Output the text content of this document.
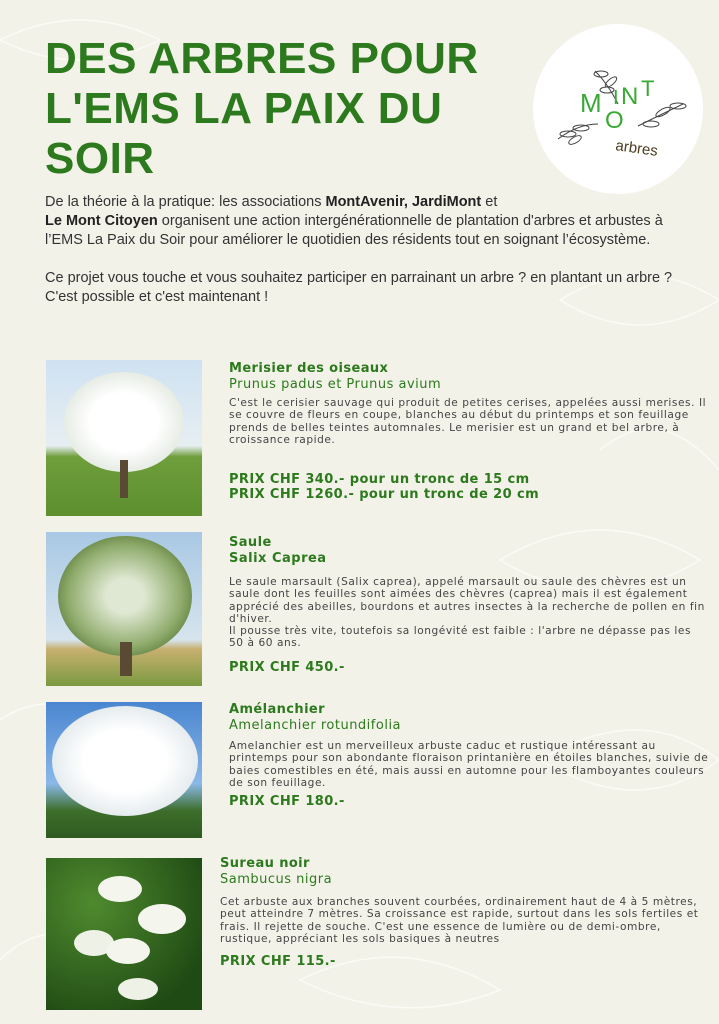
DES ARBRES POUR L'EMS LA PAIX DU SOIR
M
O
I N T
arbres

De la théorie à la pratique: les associations MontAvenir, JardiMont et
Le Mont Citoyen organisent une action intergénérationnelle de plantation d'arbres et arbustes à l’EMS La Paix du Soir pour améliorer le quotidien des résidents tout en soignant l’écosystème.

Ce projet vous touche et vous souhaitez participer en parrainant un arbre ? en plantant un arbre ?
C'est possible et c'est maintenant !

Merisier des oiseaux
Prunus padus et Prunus avium
C'est le cerisier sauvage qui produit de petites cerises, appelées aussi merises. Il se couvre de fleurs en coupe, blanches au début du printemps et son feuillage prends de belles teintes automnales. Le merisier est un grand et bel arbre, à croissance rapide.
PRIX CHF 340.- pour un tronc de 15 cm
PRIX CHF 1260.- pour un tronc de 20 cm
Saule
Salix Caprea
Le saule marsault (Salix caprea), appelé marsault ou saule des chèvres est un saule dont les feuilles sont aimées des chèvres (caprea) mais il est également apprécié des abeilles, bourdons et autres insectes à la recherche de pollen en fin d'hiver.
Il pousse très vite, toutefois sa longévité est faible : l'arbre ne dépasse pas les 50 à 60 ans.
PRIX CHF 450.-
Amélanchier
Amelanchier rotundifolia
Amelanchier est un merveilleux arbuste caduc et rustique intéressant au printemps pour son abondante floraison printanière en étoiles blanches, suivie de baies comestibles en été, mais aussi en automne pour les flamboyantes couleurs de son feuillage.
PRIX CHF 180.-
Sureau noir
Sambucus nigra
Cet arbuste aux branches souvent courbées, ordinairement haut de 4 à 5 mètres, peut atteindre 7 mètres. Sa croissance est rapide, surtout dans les sols fertiles et frais. Il rejette de souche. C'est une essence de lumière ou de demi-ombre, rustique, appréciant les sols basiques à neutres
PRIX CHF 115.-
